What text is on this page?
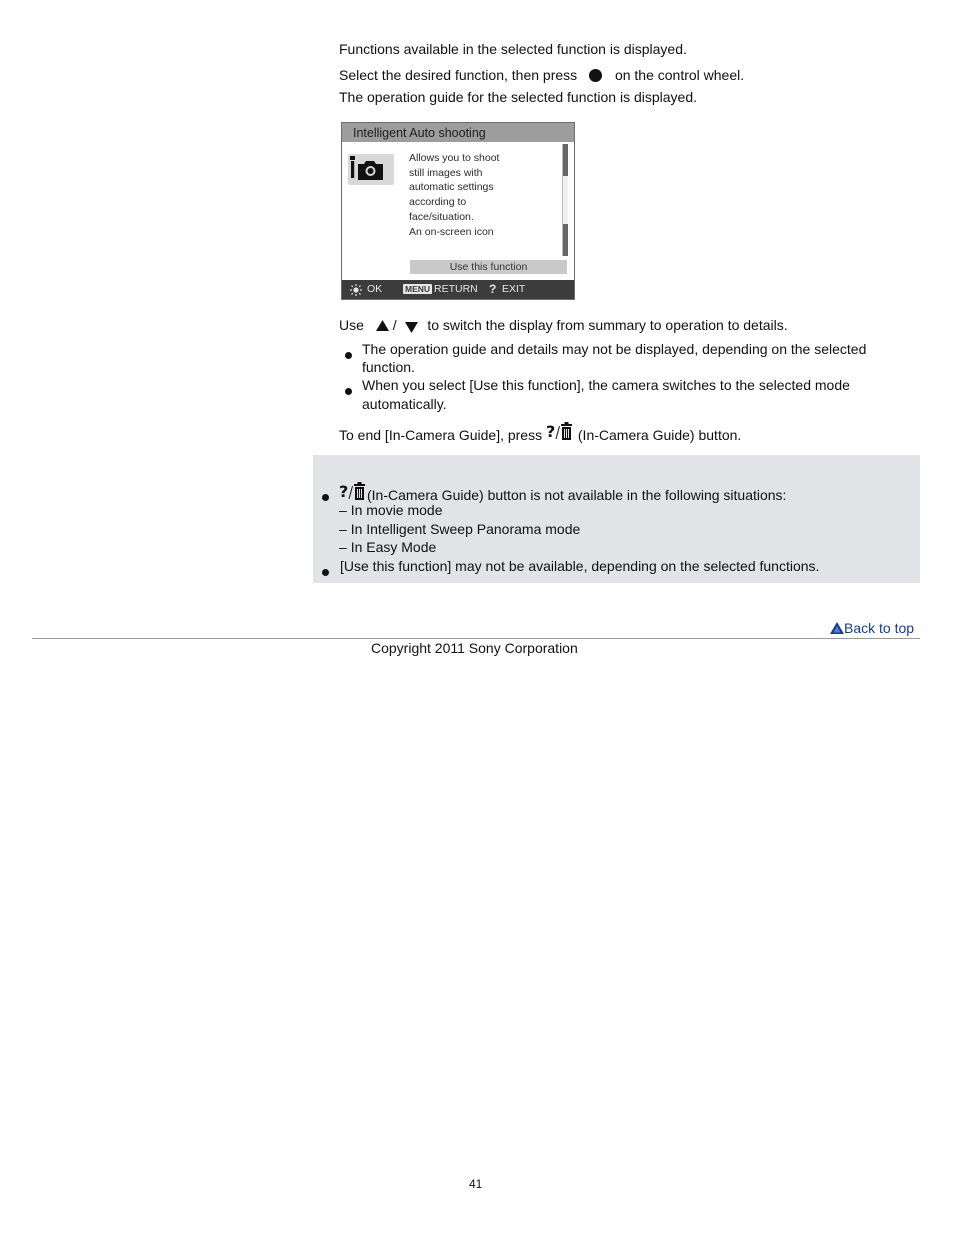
Functions available in the selected function is displayed.
Select the desired function, then press	on the control wheel.
The operation guide for the selected function is displayed.
Intelligent Auto shooting
Allows you to shoot
still images with
automatic settings
according to
face/situation.
An on-screen icon
Use this function
OK	MENU RETURN ? EXIT
Use / to switch the display from summary to operation to details.
The operation guide and details may not be displayed, depending on the selected
function.
When you select [Use this function], the camera switches to the selected mode
automatically.
To end [In-Camera Guide], press ? (In-Camera Guide) button.
? (In-Camera Guide) button is not available in the following situations:
– In movie mode
– In Intelligent Sweep Panorama mode
– In Easy Mode
[Use this function] may not be available, depending on the selected functions.
Back to top
Copyright 2011 Sony Corporation
41
